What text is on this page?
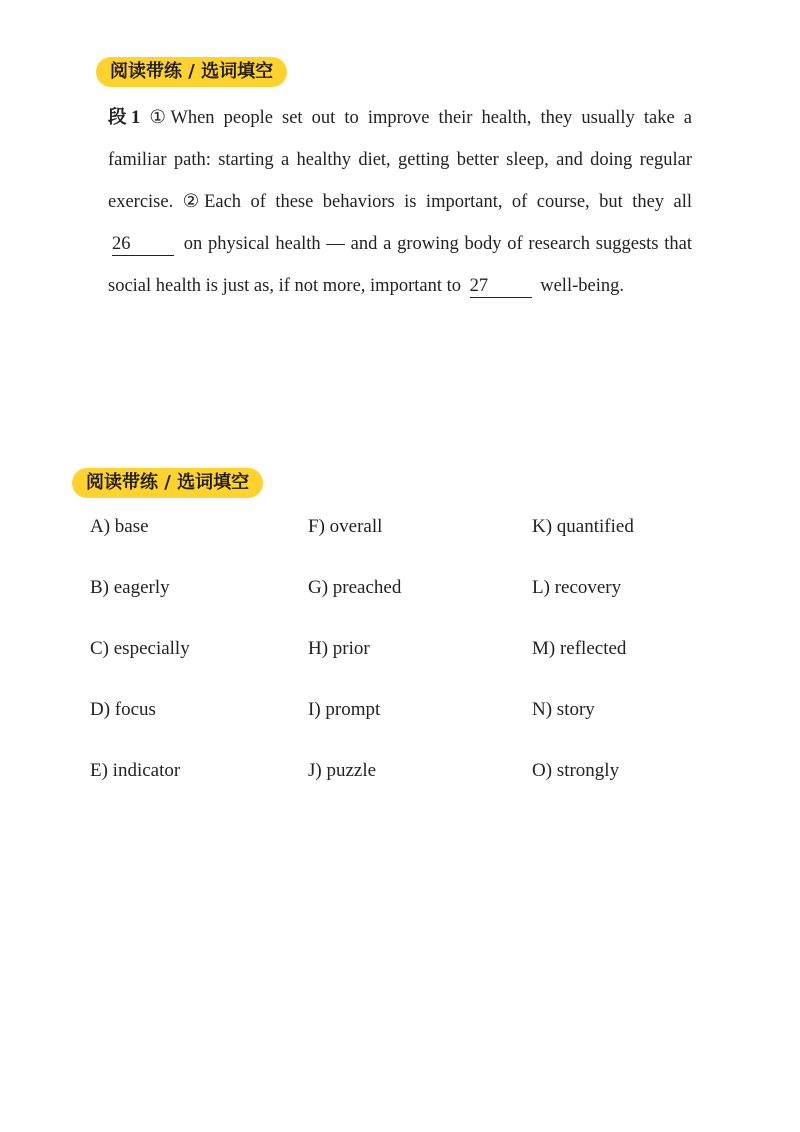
阅读带练 / 选词填空
段1 ①When people set out to improve their health, they usually take a familiar path: starting a healthy diet, getting better sleep, and doing regular exercise. ②Each of these behaviors is important, of course, but they all 26	on physical health — and a growing body of research suggests that social health is just as, if not more, important to 27	well-being.
阅读带练 / 选词填空
A) base	F) overall	K) quantified
B) eagerly	G) preached	L) recovery
C) especially	H) prior	M) reflected
D) focus	I) prompt	N) story
E) indicator	J) puzzle	O) strongly
